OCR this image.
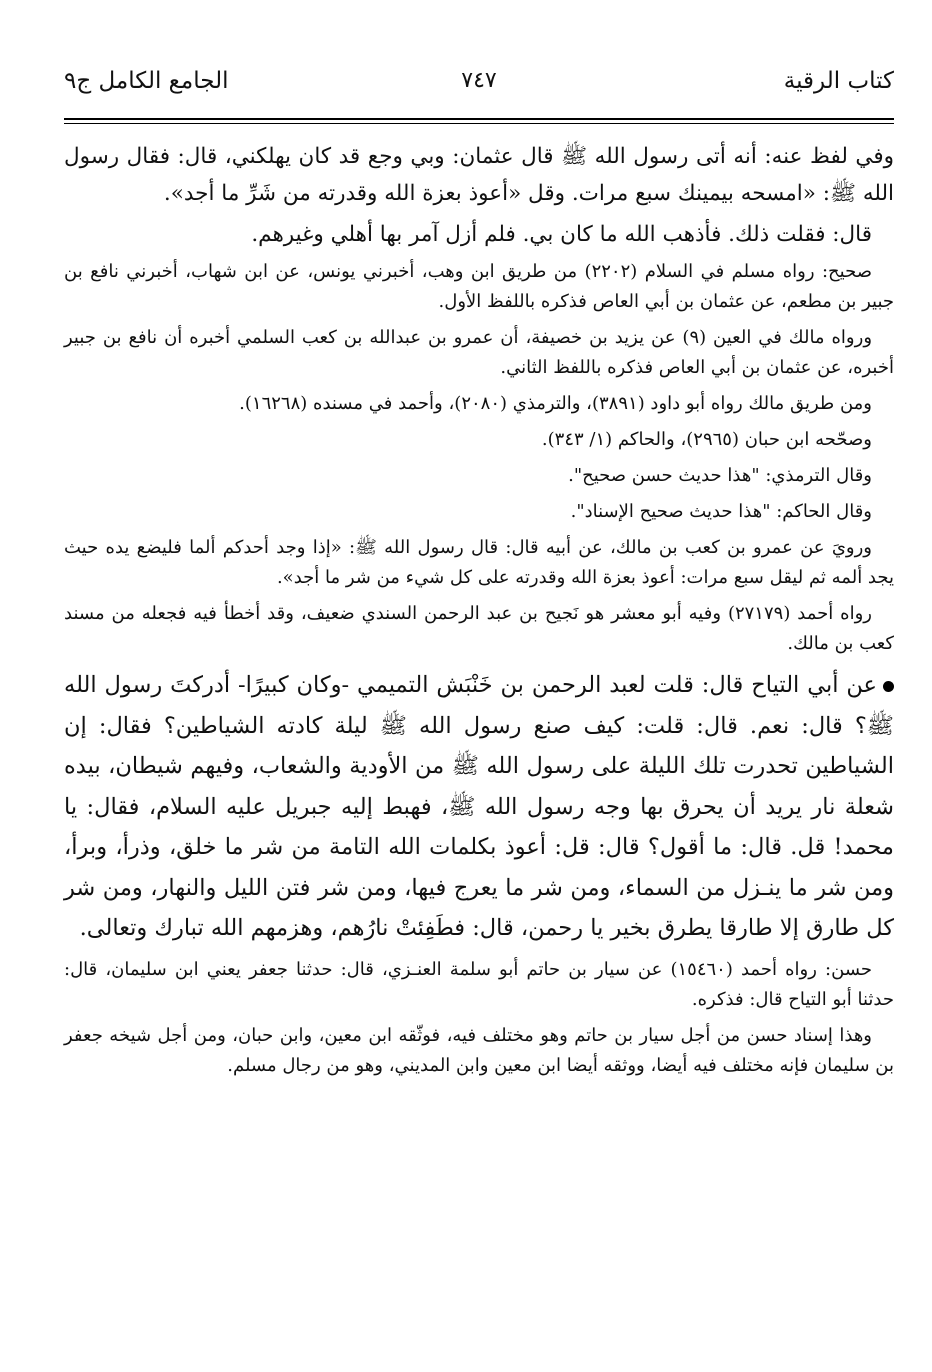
كتاب الرقية
٧٤٧
الجامع الكامل ج٩

وفي لفظ عنه: أنه أتى رسول الله ﷺ قال عثمان: وبي وجع قد كان يهلكني، قال: فقال رسول الله ﷺ: «امسحه بيمينك سبع مرات. وقل «أعوذ بعزة الله وقدرته من شَرِّ ما أجد».

قال: فقلت ذلك. فأذهب الله ما كان بي. فلم أزل آمر بها أهلي وغيرهم.

صحيح: رواه مسلم في السلام (٢٢٠٢) من طريق ابن وهب، أخبرني يونس، عن ابن شهاب، أخبرني نافع بن جبير بن مطعم، عن عثمان بن أبي العاص فذكره باللفظ الأول.

ورواه مالك في العين (٩) عن يزيد بن خصيفة، أن عمرو بن عبدالله بن كعب السلمي أخبره أن نافع بن جبير أخبره، عن عثمان بن أبي العاص فذكره باللفظ الثاني.

ومن طريق مالك رواه أبو داود (٣٨٩١)، والترمذي (٢٠٨٠)، وأحمد في مسنده (١٦٢٦٨).

وصحّحه ابن حبان (٢٩٦٥)، والحاكم (١/ ٣٤٣).

وقال الترمذي: "هذا حديث حسن صحيح".

وقال الحاكم: "هذا حديث صحيح الإسناد".

ورويَ عن عمرو بن كعب بن مالك، عن أبيه قال: قال رسول الله ﷺ: «إذا وجد أحدكم ألما فليضع يده حيث يجد ألمه ثم ليقل سبع مرات: أعوذ بعزة الله وقدرته على كل شيء من شر ما أجد».

رواه أحمد (٢٧١٧٩) وفيه أبو معشر هو نَجيح بن عبد الرحمن السندي ضعيف، وقد أخطأ فيه فجعله من مسند كعب بن مالك.

عن أبي التياح قال: قلت لعبد الرحمن بن خَنْبَش التميمي -وكان كبيرًا- أدركتَ رسول الله ﷺ؟ قال: نعم. قال: قلت: كيف صنع رسول الله ﷺ ليلة كادته الشياطين؟ فقال: إن الشياطين تحدرت تلك الليلة على رسول الله ﷺ من الأودية والشعاب، وفيهم شيطان، بيده شعلة نار يريد أن يحرق بها وجه رسول الله ﷺ، فهبط إليه جبريل عليه السلام، فقال: يا محمد! قل. قال: ما أقول؟ قال: قل: أعوذ بكلمات الله التامة من شر ما خلق، وذرأ، وبرأ، ومن شر ما ينـزل من السماء، ومن شر ما يعرج فيها، ومن شر فتن الليل والنهار، ومن شر كل طارق إلا طارقا يطرق بخير يا رحمن، قال: فطَفِئتْ نارُهم، وهزمهم الله تبارك وتعالى.

حسن: رواه أحمد (١٥٤٦٠) عن سيار بن حاتم أبو سلمة العنـزي، قال: حدثنا جعفر يعني ابن سليمان، قال: حدثنا أبو التياح قال: فذكره.

وهذا إسناد حسن من أجل سيار بن حاتم وهو مختلف فيه، فوثّقه ابن معين، وابن حبان، ومن أجل شيخه جعفر بن سليمان فإنه مختلف فيه أيضا، ووثقه أيضا ابن معين وابن المديني، وهو من رجال مسلم.
